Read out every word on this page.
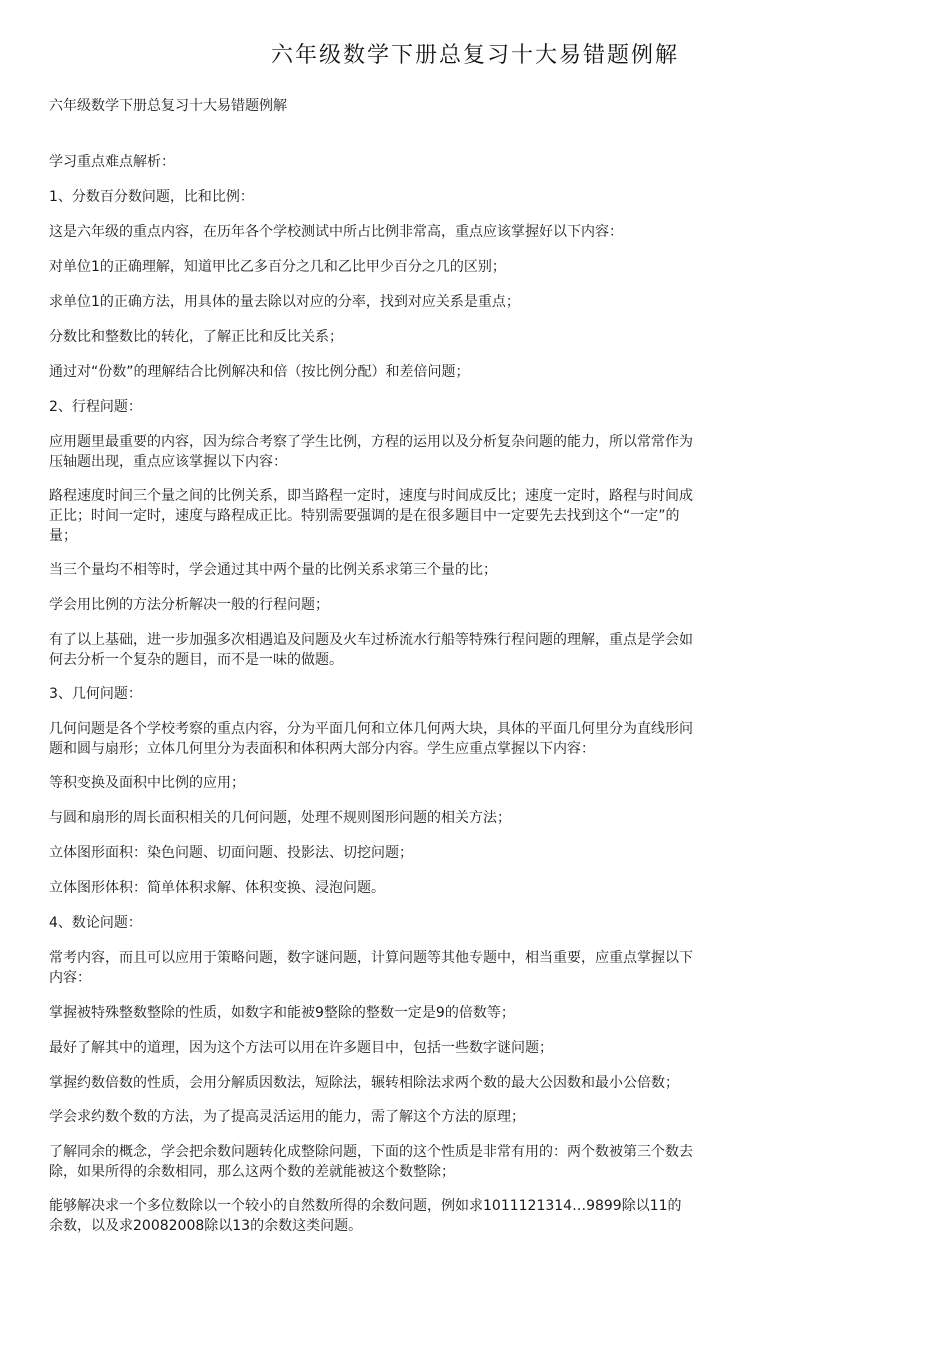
六年级数学下册总复习十大易错题例解

六年级数学下册总复习十大易错题例解

学习重点难点解析：

1、分数百分数问题，比和比例：

这是六年级的重点内容，在历年各个学校测试中所占比例非常高，重点应该掌握好以下内容：

对单位1的正确理解，知道甲比乙多百分之几和乙比甲少百分之几的区别；

求单位1的正确方法，用具体的量去除以对应的分率，找到对应关系是重点；

分数比和整数比的转化，了解正比和反比关系；

通过对“份数”的理解结合比例解决和倍（按比例分配）和差倍问题；

2、行程问题：

应用题里最重要的内容，因为综合考察了学生比例，方程的运用以及分析复杂问题的能力，所以常常作为压轴题出现，重点应该掌握以下内容：

路程速度时间三个量之间的比例关系，即当路程一定时，速度与时间成反比；速度一定时，路程与时间成正比；时间一定时，速度与路程成正比。特别需要强调的是在很多题目中一定要先去找到这个“一定”的量；

当三个量均不相等时，学会通过其中两个量的比例关系求第三个量的比；

学会用比例的方法分析解决一般的行程问题；

有了以上基础，进一步加强多次相遇追及问题及火车过桥流水行船等特殊行程问题的理解，重点是学会如何去分析一个复杂的题目，而不是一味的做题。

3、几何问题：

几何问题是各个学校考察的重点内容，分为平面几何和立体几何两大块，具体的平面几何里分为直线形问题和圆与扇形；立体几何里分为表面积和体积两大部分内容。学生应重点掌握以下内容：

等积变换及面积中比例的应用；

与圆和扇形的周长面积相关的几何问题，处理不规则图形问题的相关方法；

立体图形面积：染色问题、切面问题、投影法、切挖问题；

立体图形体积：简单体积求解、体积变换、浸泡问题。

4、数论问题：

常考内容，而且可以应用于策略问题，数字谜问题，计算问题等其他专题中，相当重要，应重点掌握以下内容：

掌握被特殊整数整除的性质，如数字和能被9整除的整数一定是9的倍数等；

最好了解其中的道理，因为这个方法可以用在许多题目中，包括一些数字谜问题；

掌握约数倍数的性质，会用分解质因数法，短除法，辗转相除法求两个数的最大公因数和最小公倍数；

学会求约数个数的方法，为了提高灵活运用的能力，需了解这个方法的原理；

了解同余的概念，学会把余数问题转化成整除问题，下面的这个性质是非常有用的：两个数被第三个数去除，如果所得的余数相同，那么这两个数的差就能被这个数整除；

能够解决求一个多位数除以一个较小的自然数所得的余数问题，例如求1011121314…9899除以11的余数，以及求20082008除以13的余数这类问题。
